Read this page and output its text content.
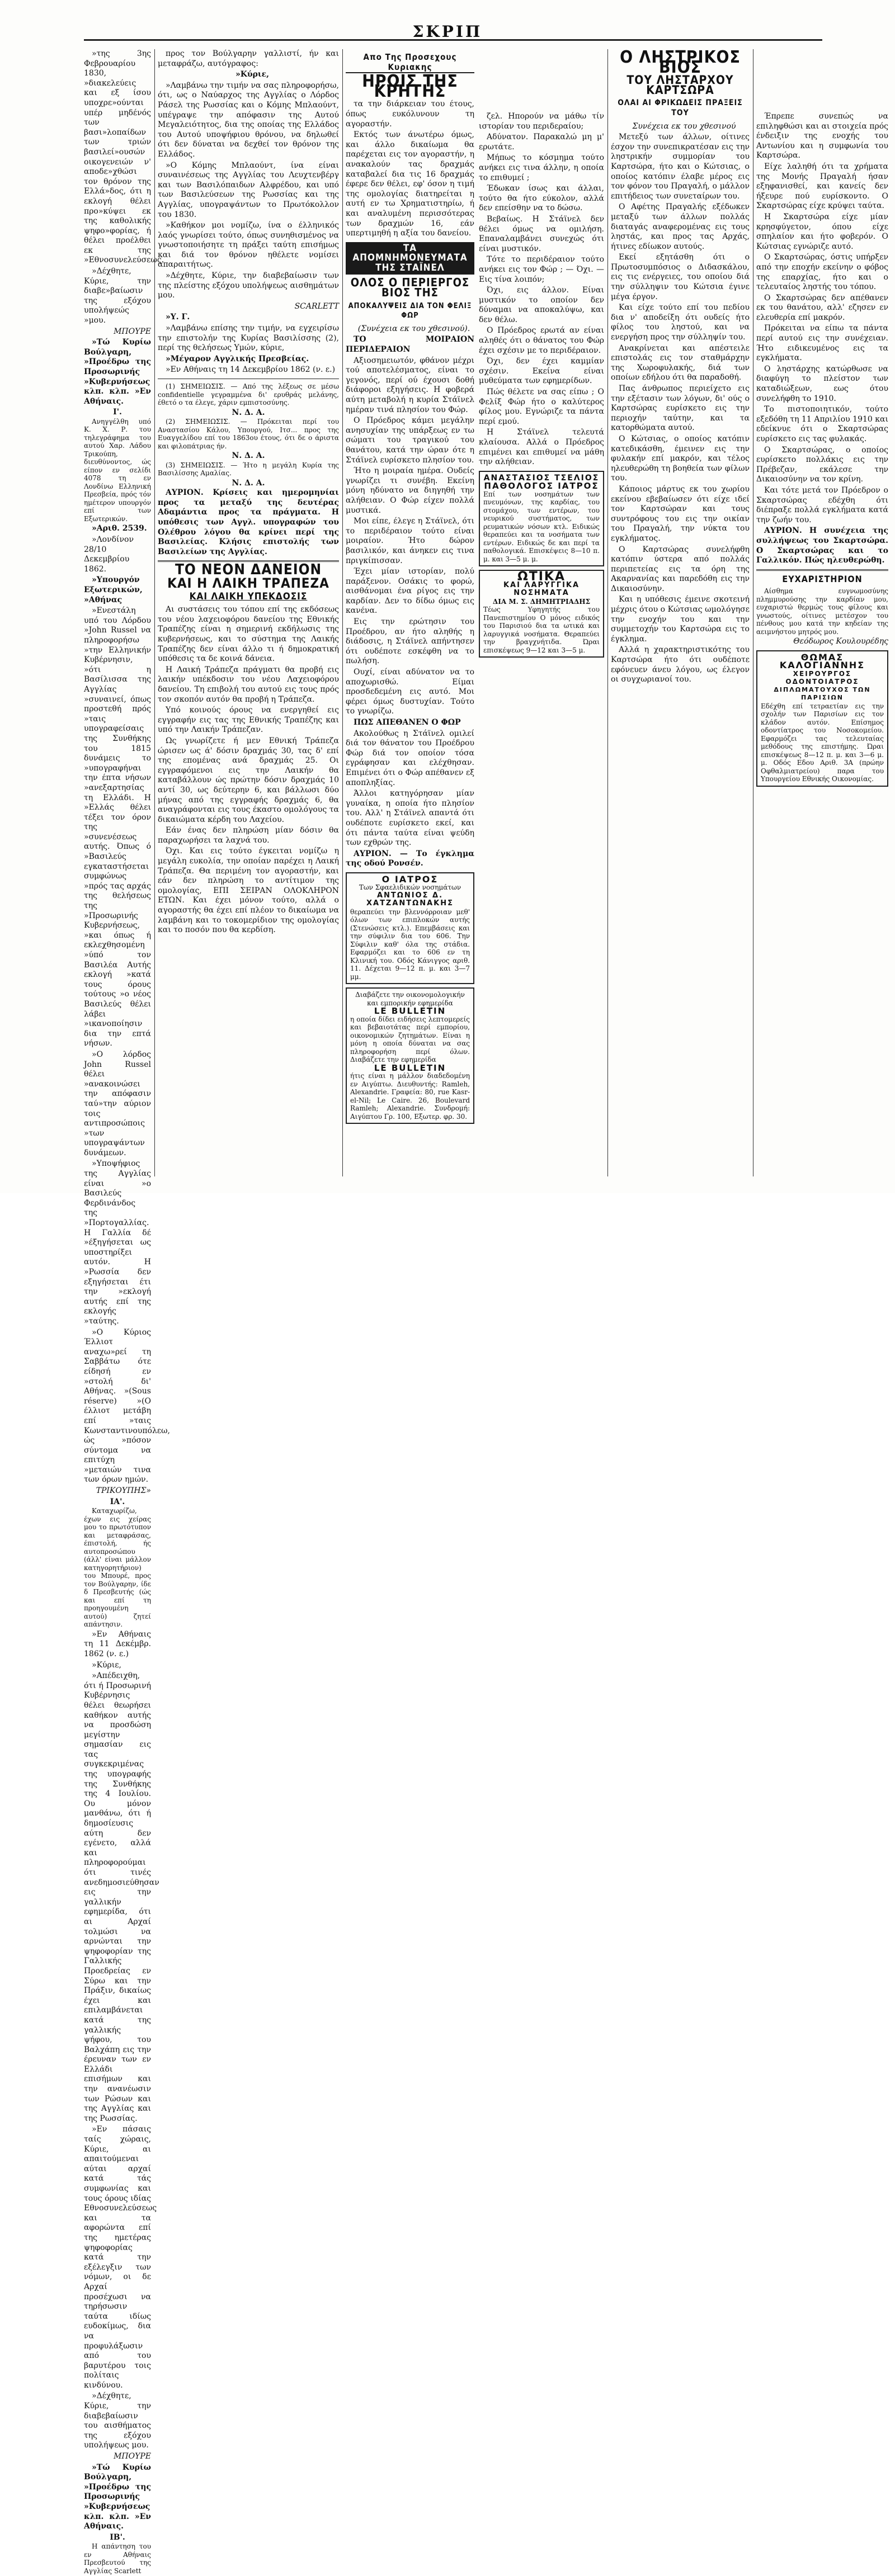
ΣΚΡΙΠ

»της 3ης Φεβρουαρίου 1830, »διακελεύεις και εξ ίσου υποχρε»ούνται υπέρ μηδένός των βασι»λοπαίδων των τριών βασιλεί»ουσών οικογενειών ν' αποδε»χθώσι τον θρόνον της Ελλά»δος, ότι η εκλογή θέλει προ»κύψει εκ της καθολικής ψηφο»φορίας, ή θέλει προέλθει εκ της »Εθνοσυνελεύσεως.

»Δέχθητε, Κύριε, την διαβε»βαίωσιν της εξόχου υπολήψεώς »μου.

ΜΠΟΥΡΕ

»Τώ Κυρίω Βούλγαρη, »Προέδρω της Προσωρινής »Κυβερνήσεως κλπ. κλπ. »Εν Αθήναις.

Ι'.

Ανηγγέλθη υπό Κ. Χ. Ρ. του τηλεγράφημα του αυτού Χαρ. Λάδου Τρικούπη, διευθύνοντος, ώς είπον εν σελίδι 4078 τη εν Λονδίνω Ελληνική Πρεσβεία, πρός τόν ημέτερον υπουργόν επί των Εξωτερικών.

»Αριθ. 2539.

»Λονδίνον 28/10 Δεκεμβρίου 1862.

»Υπουργόν Εξωτερικών, »Αθήνας

»Ενεστάλη υπό του Λόρδου »John Russel να πληροφορήσω »την Ελληνικήν Κυβέρνησιν, »ότι η Βασίλισσα της Αγγλίας »συναινεί, όπως προστεθή πρός »ταις υπογραφείσαις της Συνθήκης του 1815 δυνάμεις το »υπογραφήναι την έπτα νήσων »ανεξαρτησίας τη Ελλάδι. Η »Ελλάς θέλει τέξει τον όρον της »συνενέσεως αυτής. Όπως ό »Βασιλεύς εγκαταστήσεται συμφώνως »πρός τας αρχάς της θελήσεως της »Προσωρινής Κυβερνήσεως, »και όπως ή εκλεχθησομένη »ύπό τον Βασιλέα Αυτής εκλογή »κατά τους όρους τούτους »ο νέος Βασιλεύς θέλει λάβει »ικανοποίησιν δια την επτά νήσων.

»Ο λόρδος John Russel θέλει »ανακοινώσει την απόφασιν ταύ»την αύριον τοις αντιπροσώποις »των υπογραψάντων δυνάμεων.

»Υποψήφιος της Αγγλίας είναι »ο Βασιλεύς Φερδινάνδος της »Πορτογαλλίας. Η Γαλλία δέ »έξηγήσεται ως υποστηρίξει αυτόν. Η »Ρωσσία δεν εξηγήσεται έτι την »εκλογή αυτής επί της εκλογής »ταύτης.

»Ο Κύριος Έλλιοτ αναχω»ρεί τη Σαββάτω ότε είδησή εν »στολή δι' Αθήνας. »(Sous réserve) »(Ο έλλιοτ μετάβη επί »ταις Κωνσταντινουπόλεω, ώς »πόσον σύντομα να επιτύχη »μεταιών τινα των όρων ημών.

ΤΡΙΚΟΥΠΗΣ»
ΙΑ'.

Καταχωρίζω, έχων εις χείρας μου το πρωτότυπον και μεταφράσας, έπιστολή, ής αυτοπροσώπου (άλλ' είναι μάλλον κατηγορητήριον) του Μπουρέ, προς τον Βούλγαρην, ίδε δ Πρεσβευτής (ώς και επί τη προηγουμένη αυτού) ζητεί απάντησιν.

»Εν Αθήναις τη 11 Δεκέμβρ. 1862 (ν. ε.)

»Κύριε,

»Απέδειχθη, ότι ή Προσωρινή Κυβέρνησις θέλει θεωρήσει καθήκον αυτής να προσδώση μεγίστην σημασίαν εις τας συγκεκριμένας της υπογραφής της Συνθήκης της 4 Ιουλίου. Ου μόνον μανθάνω, ότι ή δημοσίευσις αύτη δεν εγένετο, αλλά και πληροφορούμαι ότι τινές ανεδημοσιεύθησαν εις την γαλλικήν εφημερίδα, ότι αι Αρχαί τολμώσι να αρνώνται την ψηφοφορίαν της Γαλλικής Προεδρείας εν Σύρω και την Πράξιν, δικαίως έχει και επιλαμβάνεται κατά της γαλλικής ψήφου, του Βαλχάπη εις την έρευναν των εν Ελλάδι επισήμων και την ανανέωσιν των Ρώσων και της Αγγλίας και της Ρωσσίας.

»Εν πάσαις ταίς χώραις, Κύριε, αι απαιτούμεναι αύται αρχαί κατά τάς συμφωνίας και τους όρους ιδίας Εθνοσυνελεύσεως και τα αφορώντα επί της ημετέρας ψηφοφορίας κατά την εξέλεγξιν των νόμων, οι δε Αρχαί προσέχωσι να τηρήσωσιν ταύτα ιδίως ευδοκίμως, δια να προφυλάξωσιν από του βαρυτέρου τοις πολίταις κινδύνου.

»Δέχθητε, Κύριε, την διαβεβαίωσιν του αισθήματος της εξόχου υπολήψεως μου.

ΜΠΟΥΡΕ

»Τώ Κυρίω Βούλγαρη, »Προέδρω της Προσωρινής »Κυβερνήσεως κλπ. κλπ. »Εν Αθήναις.

ΙΒ'.

Η απάντηση του εν Αθήναις Πρεσβευτού της Αγγλίας Scarlett

προς τον Βούλγαρην γαλλιστί, ήν και μεταφράζω, αυτόγραφος:

»Κύριε,

»Λαμβάνω την τιμήν να σας πληροφορήσω, ότι, ως ο Ναύαρχος της Αγγλίας ο Λόρδος Ράσελ της Ρωσσίας και ο Κόμης Μπλαούντ, υπέγραψε την απόφασιν της Αυτού Μεγαλειότητος, δια της οποίας της Ελλάδος του Αυτού υποψήφιου θρόνου, να δηλωθεί ότι δεν δύναται να δεχθεί τον θρόνον της Ελλάδος.

»Ο Κόμης Μπλαούντ, ίνα είναι συναινέσεως της Αγγλίας του Λευχτενβέργ και των Βασιλόπαιδων Αλφρέδου, και υπό των Βασιλεύσεων της Ρωσσίας και της Αγγλίας, υπογραψάντων το Πρωτόκολλον του 1830.

»Καθήκον μοι νομίζω, ίνα ο έλληνικός λαός γνωρίσει τούτο, όπως συνηθισμένος να γνωστοποιήσητε τη πράξει ταύτη επισήμως και διά τον θρόνον ηθέλετε νομίσει απαραιτήτως.

»Δέχθητε, Κύριε, την διαβεβαίωσιν των της πλείστης εξόχου υπολήψεως αισθημάτων μου.

SCARLETT

»Υ. Γ.

»Λαμβάνω επίσης την τιμήν, να εγχειρίσω την επιστολήν της Κυρίας Βασιλίσσης (2), περί της θελήσεως Υμών, κύριε,

»Μέγαρον Αγγλικής Πρεσβείας.

»Εν Αθήναις τη 14 Δεκεμβρίου 1862 (ν. ε.)

(1) ΣΗΜΕΙΩΣΙΣ. — Από της λέξεως σε μέσω confidentielle γεγραμμένα δι' ερυθράς μελάνης, έθετό ο τα έλεγε, χάριν εμπιστοσύνης.

Ν. Δ. Α.

(2) ΣΗΜΕΙΩΣΙΣ. — Πρόκειται περί του Αναστασίου Κάλου, Υπουργού, Ιτσ... προς της Ευαγγελίδου επί του 1863ου έτους, ότι δε ο άριστα και φιλοπάτριας ήν.

Ν. Δ. Α.

(3) ΣΗΜΕΙΩΣΙΣ. — Ήτο η μεγάλη Κυρία της Βασιλίσσης Αμαλίας.

Ν. Δ. Α.

ΑΥΡΙΟΝ. Κρίσεις και ημερομηνίαι προς τα μεταξύ της δευτέρας Αδαμάντια προς τα πράγματα. Η υπόθεσις των Αγγλ. υπογραφών του Ολέθρου λόγου θα κρίνει περί της Βασιλείας. Κλήσις επιστολής των Βασιλείων της Αγγλίας.

ΤΟ ΝΕΟΝ ΔΑΝΕΙΟΝ
ΚΑΙ Η ΛΑΙΚΗ ΤΡΑΠΕΖΑ
ΚΑΙ ΛΑΙΚΗ ΥΠΕΚΔΟΣΙΣ

Αι συστάσεις του τόπου επί της εκδόσεως του νέου λαχειοφόρου δανείου της Εθνικής Τραπέζης είναι η σημερινή εκδήλωσις της κυβερνήσεως, και το σύστημα της Λαικής Τραπέζης δεν είναι άλλο τι ή δημοκρατική υπόθεσις τα δε κοινά δάνεια.

Η Λαική Τράπεζα πράγματι θα προβή εις λαικήν υπέκδοσιν του νέου Λαχειοφόρου δανείου. Τη επιβολή του αυτού εις τους πρός τον σκοπόν αυτόν θα προβή η Τράπεζα.

Υπό κοινούς όρους να ενεργηθεί εις εγγραφήν εις τας της Εθνικής Τραπέζης και υπό την Λαικήν Τράπεζαν.

Ως γνωρίζετε ή μεν Εθνική Τράπεζα ώρισεν ως ά' δόσιν δραχμάς 30, τας δ' επί της επομένας ανά δραχμάς 25. Οι εγγραφόμενοι εις την Λαικήν θα καταβάλλουν ώς πρώτην δόσιν δραχμάς 10 αντί 30, ως δεύτερην 6, και βάλλωσι δύο μήνας από της εγγραφής δραχμάς 6, θα αναγράφονται εις τους έκαστο ομολόγους τα δικαιώματα κέρδη του Λαχείου.

Εάν ένας δεν πληρώση μίαν δόσιν θα παραχωρήσει τα λαχνά του.

Όχι. Και εις τούτο έγκειται νομίζω η μεγάλη ευκολία, την οποίαν παρέχει η Λαική Τράπεζα. Θα περιμένη τον αγοραστήν, και εάν δεν πληρώση το αντίτιμον της ομολογίας, ΕΠΙ ΣΕΙΡΑΝ ΟΛΟΚΛΗΡΟΝ ΕΤΩΝ. Και έχει μόνον τούτο, αλλά ο αγοραστής θα έχει επί πλέον το δικαίωμα να λαμβάνη και το τοκομερίδιον της ομολογίας και το ποσόν που θα κερδίση.

Απο Της Προσεχους Κυριακης
ΗΡΩΙΣ ΤΗΣ ΚΡΗΤΗΣ

τα την διάρκειαν του έτους, όπως ευκόλυνουν τη αγοραστήν.

Εκτός των άνωτέρω όμως, και άλλο δικαίωμα θα παρέχεται εις τον αγοραστήν, η ανακαλούν τας δραχμάς καταβαλεί δια τις 16 δραχμάς έφερε δεν θέλει, εφ' όσον η τιμή της ομολογίας διατηρείται η αυτή εν τω Χρηματιστηρίω, ή και αναλυμένη περισσότερας των δραχμών 16, εάν υπερτιμηθή η αξία του δανείου.

ΤΑ ΑΠΟΜΝΗΜΟΝΕΥΜΑΤΑ ΤΗΣ ΣΤΑΪΝΕΛ
ΟΛΟΣ Ο ΠΕΡΙΕΡΓΟΣ ΒΙΟΣ ΤΗΣ
ΑΠΟΚΑΛΥΨΕΙΣ ΔΙΑ ΤΟΝ ΦΕΛΙΞ ΦΩΡ

(Συνέχεια εκ του χθεσινού).

ΤΟ ΜΟΙΡΑΙΟΝ ΠΕΡΙΔΕΡΑΙΟΝ

Αξιοσημειωτόν, φθάνον μέχρι τού αποτελέσματος, είναι το γεγονός, περί ού έχουσι δοθή διάφοροι εξηγήσεις. Η φοβερά αύτη μεταβολή η κυρία Στάϊνελ ημέραν τινά πλησίον του Φώρ.

Ο Πρόεδρος κάμει μεγάλην ανησυχίαν της υπάρξεως εν τω σώματι του τραγικού του θανάτου, κατά την ώραν ότε η Στάϊνελ ευρίσκετο πλησίον του.

Ήτο η μοιραία ημέρα. Ουδείς γνωρίζει τι συνέβη. Εκείνη μόνη ηδύνατο να διηγηθή την αλήθειαν. Ο Φώρ είχεν πολλά μυστικά.

Μοι είπε, έλεγε η Στάϊνελ, ότι το περιδέραιον τούτο είναι μοιραίον. Ήτο δώρον βασιλικόν, και άνηκεν εις τινα πριγκίπισσαν.

Έχει μίαν ιστορίαν, πολύ παράξενον. Οσάκις το φορώ, αισθάνομαι ένα ρίγος εις την καρδίαν. Δεν το δίδω όμως εις κανένα.

Εις την ερώτησιν του Προέδρου, αν ήτο αληθής η διάδοσις, η Στάϊνελ απήντησεν ότι ουδέποτε εσκέφθη να το πωλήση.

Ουχί, είναι αδύνατον να το αποχωρισθώ. Είμαι προσδεδεμένη εις αυτό. Μοι φέρει όμως δυστυχίαν. Τούτο το γνωρίζω.

ΠΩΣ ΑΠΕΘΑΝΕΝ Ο ΦΩΡ

Ακολούθως η Στάϊνελ ομιλεί διά τον θάνατον του Προέδρου Φώρ διά τον οποίον τόσα εγράφησαν και ελέχθησαν. Επιμένει ότι ο Φώρ απέθανεν εξ αποπληξίας.

Άλλοι κατηγόρησαν μίαν γυναίκα, η οποία ήτο πλησίον του. Αλλ' η Στάϊνελ απαντά ότι ουδέποτε ευρίσκετο εκεί, και ότι πάντα ταύτα είναι ψεύδη των εχθρών της.

ΑΥΡΙΟΝ. — Το έγκλημα της οδού Ρονσέν.

Ο ΙΑΤΡΟΣ
Των Σφαελιδικών νοσημάτων
ΑΝΤΩΝΙΟΣ Δ. ΧΑΤΖΑΝΤΩΝΑΚΗΣ
θεραπεύει την βλεννόρροιαν μεθ' όλων των επιπλοκών αυτής (Στενώσεις κτλ.). Επεμβάσεις και την σύφιλιν δια του 606. Την Σύφιλιν καθ' όλα της στάδια. Εφαρμόζει και το 606 εν τη Κλινική του. Οδός Κάνιγγος αριθ. 11. Δέχεται 9—12 π. μ. και 3—7 μμ.
Διαβάζετε την οικονομολογικήν και εμπορικήν εφημερίδα
LE BULLETIN
η οποία δίδει ειδήσεις λεπτομερείς και βεβαιοτάτας περί εμπορίου, οικονομικών ζητημάτων. Είναι η μόνη η οποία δύναται να σας πληροφορήση περί όλων. Διαβάζετε την εφημερίδα
LE BULLETIN
ήτις είναι η μάλλον διαδεδομένη εν Αιγύπτω. Διευθυντής: Ramleh, Alexandrie. Γραφεία: 80, rue Kasr-el-Nil; Le Caire. 26, Boulevard Ramleh; Alexandrie. Συνδρομή: Αιγύπτου Γρ. 100, Εξωτερ. φρ. 30.

ζελ. Ηπορούν να μάθω τίν ιστορίαν του περιδεραίου;

Αδύνατον. Παρακαλώ μη μ' ερωτάτε.

Μήπως το κόσμημα τούτο ανήκει εις τινα άλλην, η οποία το επιθυμεί ;

Έδωκαν ίσως και άλλαι, τούτο θα ήτο εύκολον, αλλά δεν επείσθην να το δώσω.

Βεβαίως. Η Στάϊνελ δεν θέλει όμως να ομιλήση. Επαναλαμβάνει συνεχώς ότι είναι μυστικόν.

Τότε το περιδέραιον τούτο ανήκει εις τον Φώρ ; — Όχι. — Εις τίνα λοιπόν;

Όχι, εις άλλον. Είναι μυστικόν το οποίον δεν δύναμαι να αποκαλύψω, και δεν θέλω.

Ο Πρόεδρος ερωτά αν είναι αληθές ότι ο θάνατος του Φώρ έχει σχέσιν με το περιδέραιον.

Όχι, δεν έχει καμμίαν σχέσιν. Εκείνα είναι μυθεύματα των εφημερίδων.

Πώς θέλετε να σας είπω ; Ο Φελίξ Φώρ ήτο ο καλύτερος φίλος μου. Εγνώριζε τα πάντα περί εμού.

Η Στάϊνελ τελευτά κλαίουσα. Αλλά ο Πρόεδρος επιμένει και επιθυμεί να μάθη την αλήθειαν.

ΑΝΑΣΤΑΣΙΟΣ ΤΣΕΛΙΟΣ
ΠΑΘΟΛΟΓΟΣ ΙΑΤΡΟΣ
Επί των νοσημάτων των πνευμόνων, της καρδίας, του στομάχου, των εντέρων, του νευρικού συστήματος, των ρευματικών νόσων κτλ. Ειδικώς θεραπεύει και τα νοσήματα των εντέρων. Ειδικώς δε και περί τα παθολογικά. Επισκέψεις 8—10 π. μ. και 3—5 μ. μ.
ΩΤΙΚΑ
ΚΑΙ ΛΑΡΥΓΓΙΚΑ ΝΟΣΗΜΑΤΑ
ΔΙΑ Μ. Σ. ΔΗΜΗΤΡΙΑΔΗΣ
Τέως Υφηγητής του Πανεπιστημίου Ο μόνος ειδικός του Παρισιού δια τα ωτικά και λαρυγγικά νοσήματα. Θεραπεύει την βραγχνήτιδα. Ώραι επισκέψεως 9—12 και 3—5 μ.
Ο ΛΗΣΤΡΙΚΟΣ ΒΙΟΣ
ΤΟΥ ΛΗΣΤΑΡΧΟΥ ΚΑΡΤΣΩΡΑ
ΟΛΑΙ ΑΙ ΦΡΙΚΩΔΕΙΣ ΠΡΑΞΕΙΣ ΤΟΥ

Συνέχεια εκ του χθεσινού

Μετεξύ των άλλων, οίτινες έσχον την συνεπικρατέσαν εις την ληστρικήν συμμορίαν του Καρτσώρα, ήτο και ο Κώτσιας, ο οποίος κατόπιν έλαβε μέρος εις τον φόνον του Πραγαλή, ο μάλλον επιτήδειος των συνεταίρων του.

Ο Αφέτης Πραγαλής εξέδωκεν μεταξύ των άλλων πολλάς διαταγάς αναφερομένας εις τους ληστάς, και προς τας Αρχάς, ήτινες εδίωκον αυτούς.

Εκεί εξητάσθη ότι ο Πρωτοσυμπόσιος ο Διδασκάλου, εις τις ενέργειες, του οποίου διά την σύλληψιν του Κώτσια έγινε μέγα έργον.

Και είχε τούτο επί του πεδίου δια ν' αποδείξη ότι ουδείς ήτο φίλος του ληστού, και να ενεργήση προς την σύλληψίν του.

Ανακρίνεται και απέστειλε επιστολάς εις τον σταθμάρχην της Χωροφυλακής, διά των οποίων εδήλου ότι θα παραδοθή.

Πας άνθρωπος περιείχετο εις την εξέτασιν των λόγων, δι' ούς ο Καρτσώρας ευρίσκετο εις την περιοχήν ταύτην, και τα κατορθώματα αυτού.

Ο Κώτσιας, ο οποίος κατόπιν κατεδικάσθη, έμεινεν εις την φυλακήν επί μακρόν, και τέλος ηλευθερώθη τη βοηθεία των φίλων του.

Κάποιος μάρτυς εκ του χωρίου εκείνου εβεβαίωσεν ότι είχε ιδεί τον Καρτσώραν και τους συντρόφους του εις την οικίαν του Πραγαλή, την νύκτα του εγκλήματος.

Ο Καρτσώρας συνελήφθη κατόπιν ύστερα από πολλάς περιπετείας εις τα όρη της Ακαρνανίας και παρεδόθη εις την Δικαιοσύνην.

Και η υπόθεσις έμεινε σκοτεινή μέχρις ότου ο Κώτσιας ωμολόγησε την ενοχήν του και την συμμετοχήν του Καρτσώρα εις το έγκλημα.

Αλλά η χαρακτηριστικότης του Καρτσώρα ήτο ότι ουδέποτε εφόνευεν άνευ λόγου, ως έλεγον οι συγχωριανοί του.

Έπρεπε συνεπώς να επιληφθώσι και αι στοιχεία πρός ένδειξιν της ενοχής του Αντωνίου και η συμφωνία του Καρτσώρα.

Είχε λαληθή ότι τα χρήματα της Μονής Πραγαλή ήσαν εξηφανισθεί, και κανείς δεν ήξευρε πού ευρίσκοντο. Ο Σκαρτσώρας είχε κρύψει ταύτα.

Η Σκαρτσώρα είχε μίαν κρησφύγετον, όπου είχε σπηλαίον και ήτο φοβερόν. Ο Κώτσιας εγνώριζε αυτό.

Ο Σκαρτσώρας, όστις υπήρξεν από την εποχήν εκείνην ο φόβος της επαρχίας, ήτο και ο τελευταίος ληστής του τόπου.

Ο Σκαρτσώρας δεν απέθανεν εκ του θανάτου, αλλ' εζησεν εν ελευθερία επί μακρόν.

Πρόκειται να είπω τα πάντα περί αυτού εις την συνέχειαν. Ήτο ειδικευμένος εις τα εγκλήματα.

Ο ληστάρχης κατώρθωσε να διαφύγη το πλείστον των καταδιώξεων, εως ότου συνελήφθη το 1910.

Το πιστοποιητικόν, τούτο εξεδόθη τη 11 Απριλίου 1910 και εδείκνυε ότι ο Σκαρτσώρας ευρίσκετο εις τας φυλακάς.

Ο Σκαρτσώρας, ο οποίος ευρίσκετο πολλάκις εις την Πρέβεζαν, εκάλεσε την Δικαιοσύνην να τον κρίνη.

Και τότε μετά τον Πρόεδρον ο Σκαρτσώρας εδέχθη ότι διέπραξε πολλά εγκλήματα κατά την ζωήν του.

ΑΥΡΙΟΝ. Η συνέχεια της συλλήψεως του Σκαρτσώρα. Ο Σκαρτσώρας και το Γαλλικόν. Πώς ηλευθερώθη.

ΕΥΧΑΡΙΣΤΗΡΙΟΝ

Αίσθημα ευγνωμοσύνης πλημμυρούσης την καρδίαν μου, ευχαριστώ θερμώς τους φίλους και γνωστούς, οίτινες μετέσχον του πένθους μου κατά την κηδείαν της αειμνήστου μητρός μου.

Θεόδωρος Κουλουρέδης
ΘΩΜΑΣ ΚΑΛΟΓΙΑΝΝΗΣ
ΧΕΙΡΟΥΡΓΟΣ ΟΔΟΝΤΟΙΑΤΡΟΣ
ΔΙΠΛΩΜΑΤΟΥΧΟΣ ΤΩΝ ΠΑΡΙΣΙΩΝ
Εδέχθη επί τετραετίαν εις την σχολήν των Παρισίων εις τον κλάδον αυτόν. Επίσημος οδοντίατρος του Νοσοκομείου. Εφαρμόζει τας τελευταίας μεθόδους της επιστήμης. Ώραι επισκέψεως 8—12 π. μ. και 3—6 μ. μ. Οδός Εδου Αριθ. 3Α (πρώην Οφθαλμιατρείου) παρα του Υπουργείου Εθνικής Οικονομίας.
